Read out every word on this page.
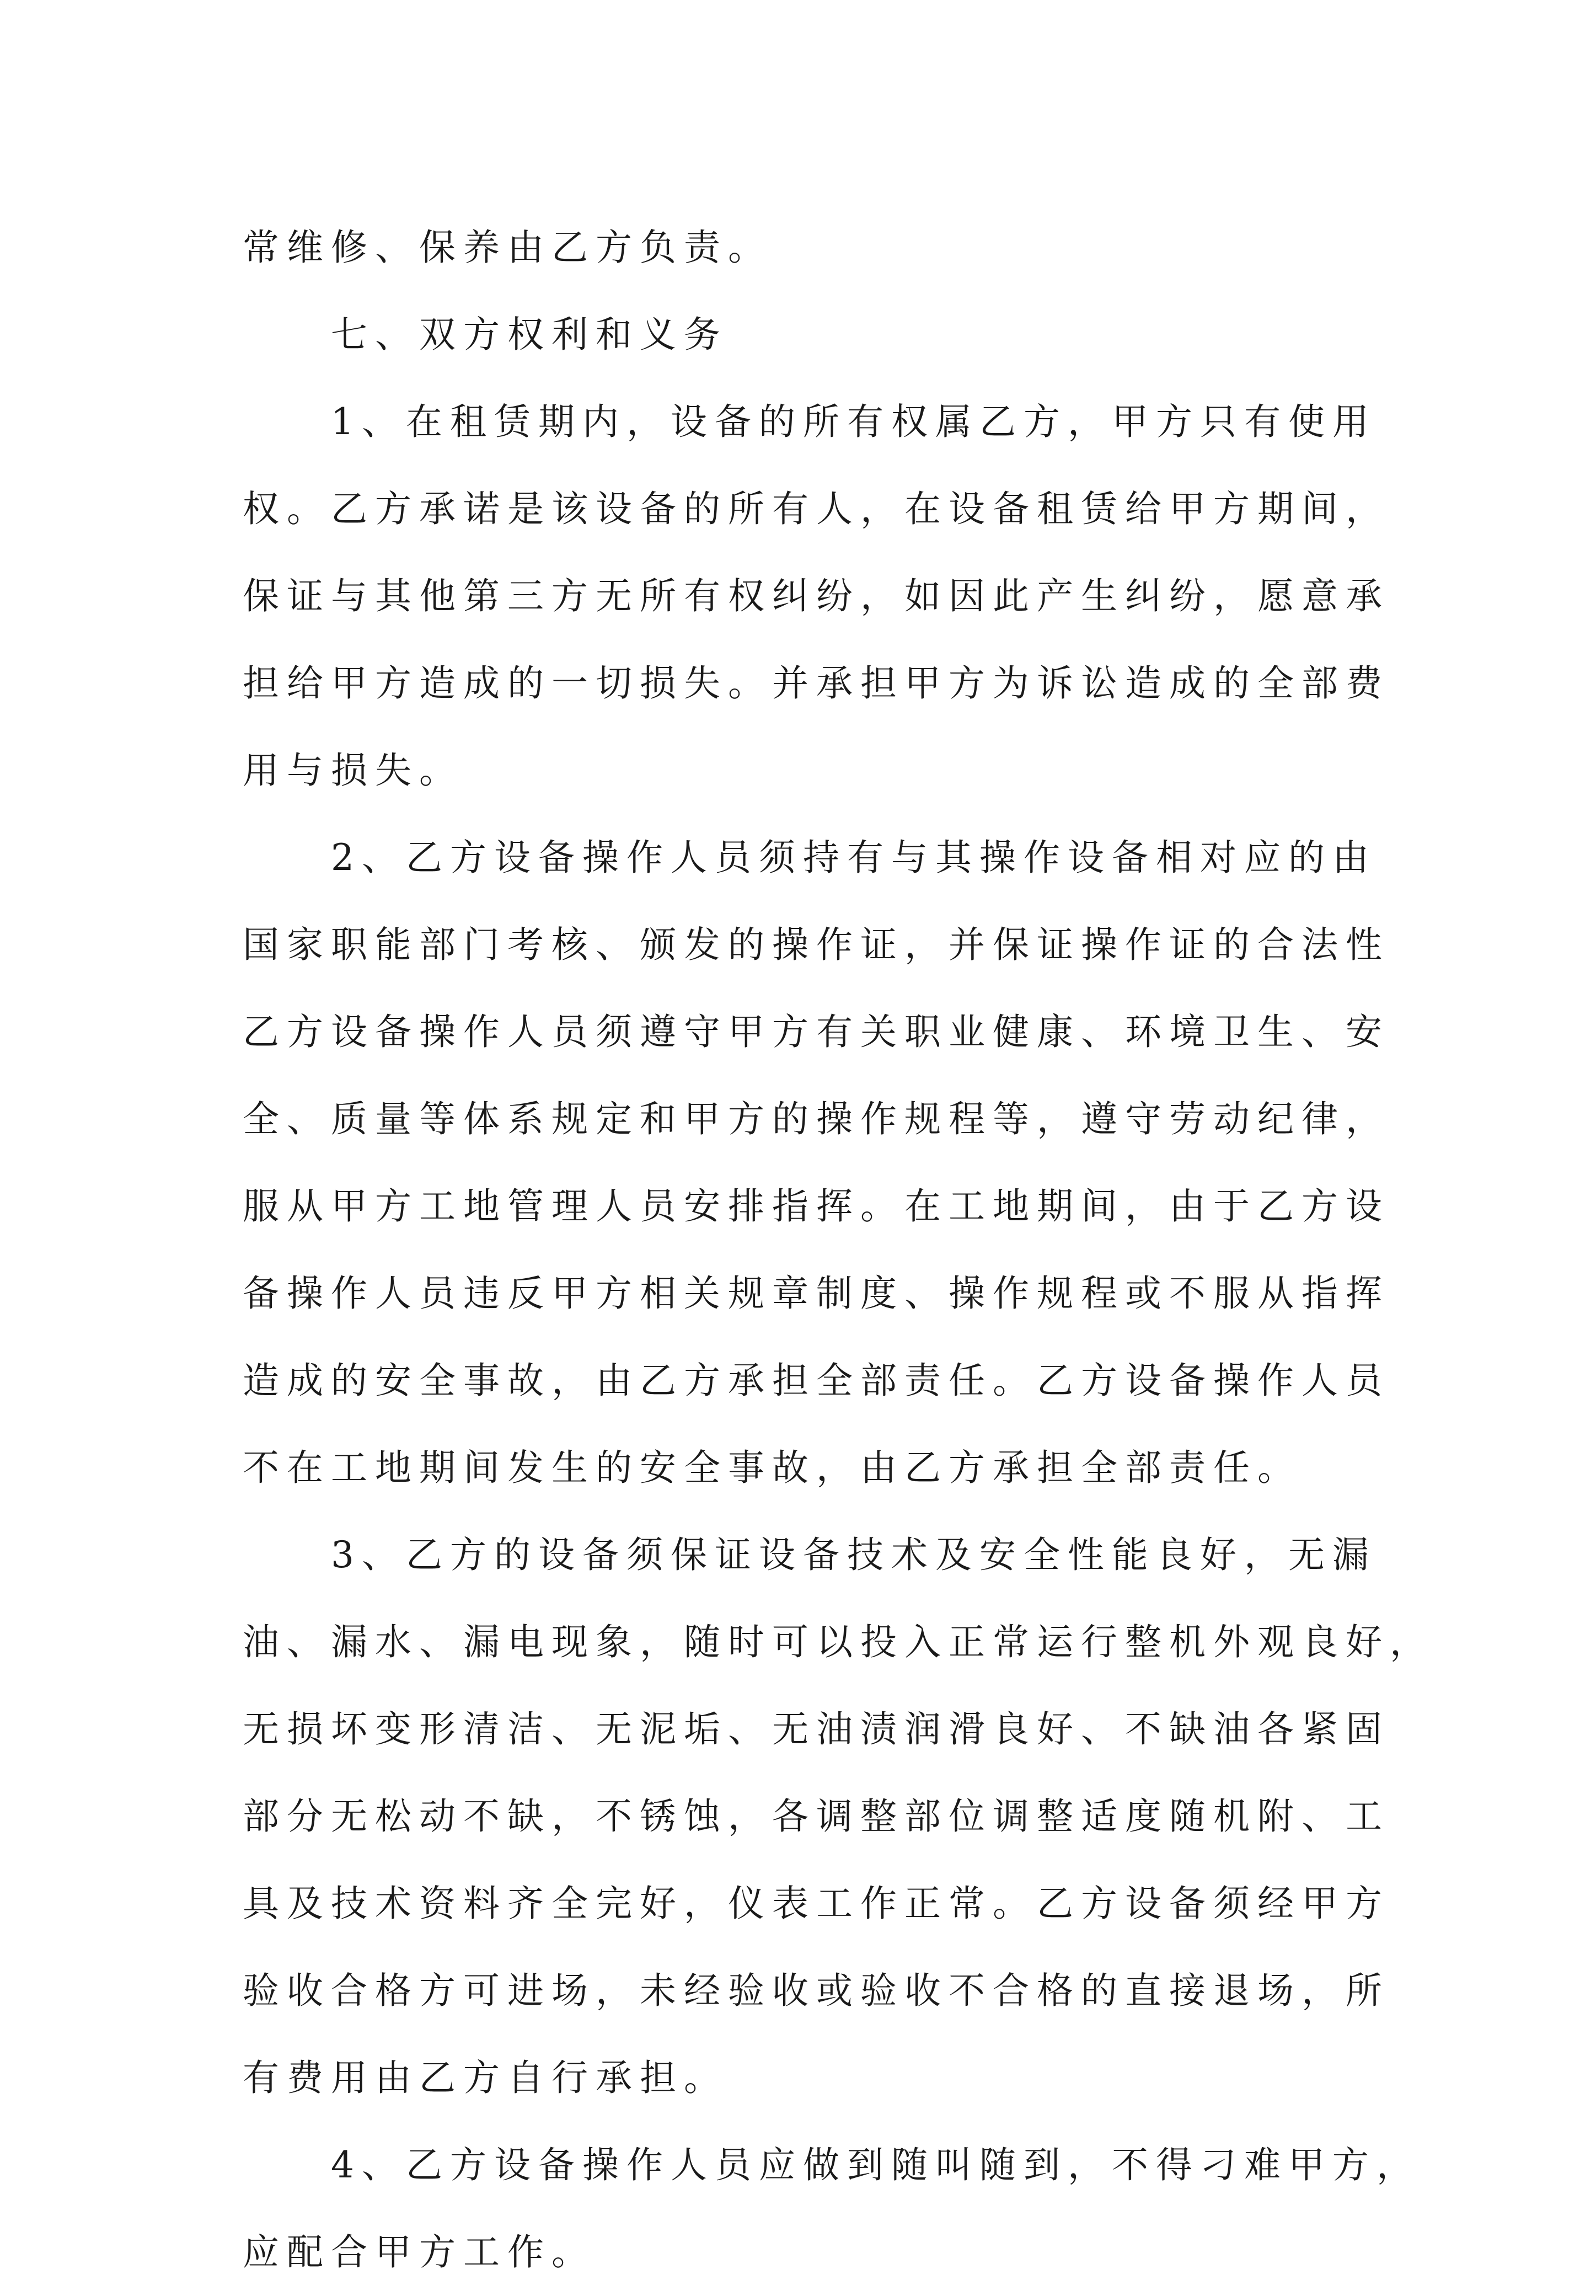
常维修、保养由乙方负责。

七、双方权利和义务

1、在租赁期内，设备的所有权属乙方，甲方只有使用
权。乙方承诺是该设备的所有人，在设备租赁给甲方期间，
保证与其他第三方无所有权纠纷，如因此产生纠纷，愿意承
担给甲方造成的一切损失。并承担甲方为诉讼造成的全部费
用与损失。

2、乙方设备操作人员须持有与其操作设备相对应的由
国家职能部门考核、颁发的操作证，并保证操作证的合法性
乙方设备操作人员须遵守甲方有关职业健康、环境卫生、安
全、质量等体系规定和甲方的操作规程等，遵守劳动纪律，
服从甲方工地管理人员安排指挥。在工地期间，由于乙方设
备操作人员违反甲方相关规章制度、操作规程或不服从指挥
造成的安全事故，由乙方承担全部责任。乙方设备操作人员
不在工地期间发生的安全事故，由乙方承担全部责任。

3、乙方的设备须保证设备技术及安全性能良好，无漏
油、漏水、漏电现象，随时可以投入正常运行整机外观良好，
无损坏变形清洁、无泥垢、无油渍润滑良好、不缺油各紧固
部分无松动不缺，不锈蚀，各调整部位调整适度随机附、工
具及技术资料齐全完好，仪表工作正常。乙方设备须经甲方
验收合格方可进场，未经验收或验收不合格的直接退场，所
有费用由乙方自行承担。

4、乙方设备操作人员应做到随叫随到，不得刁难甲方，
应配合甲方工作。
